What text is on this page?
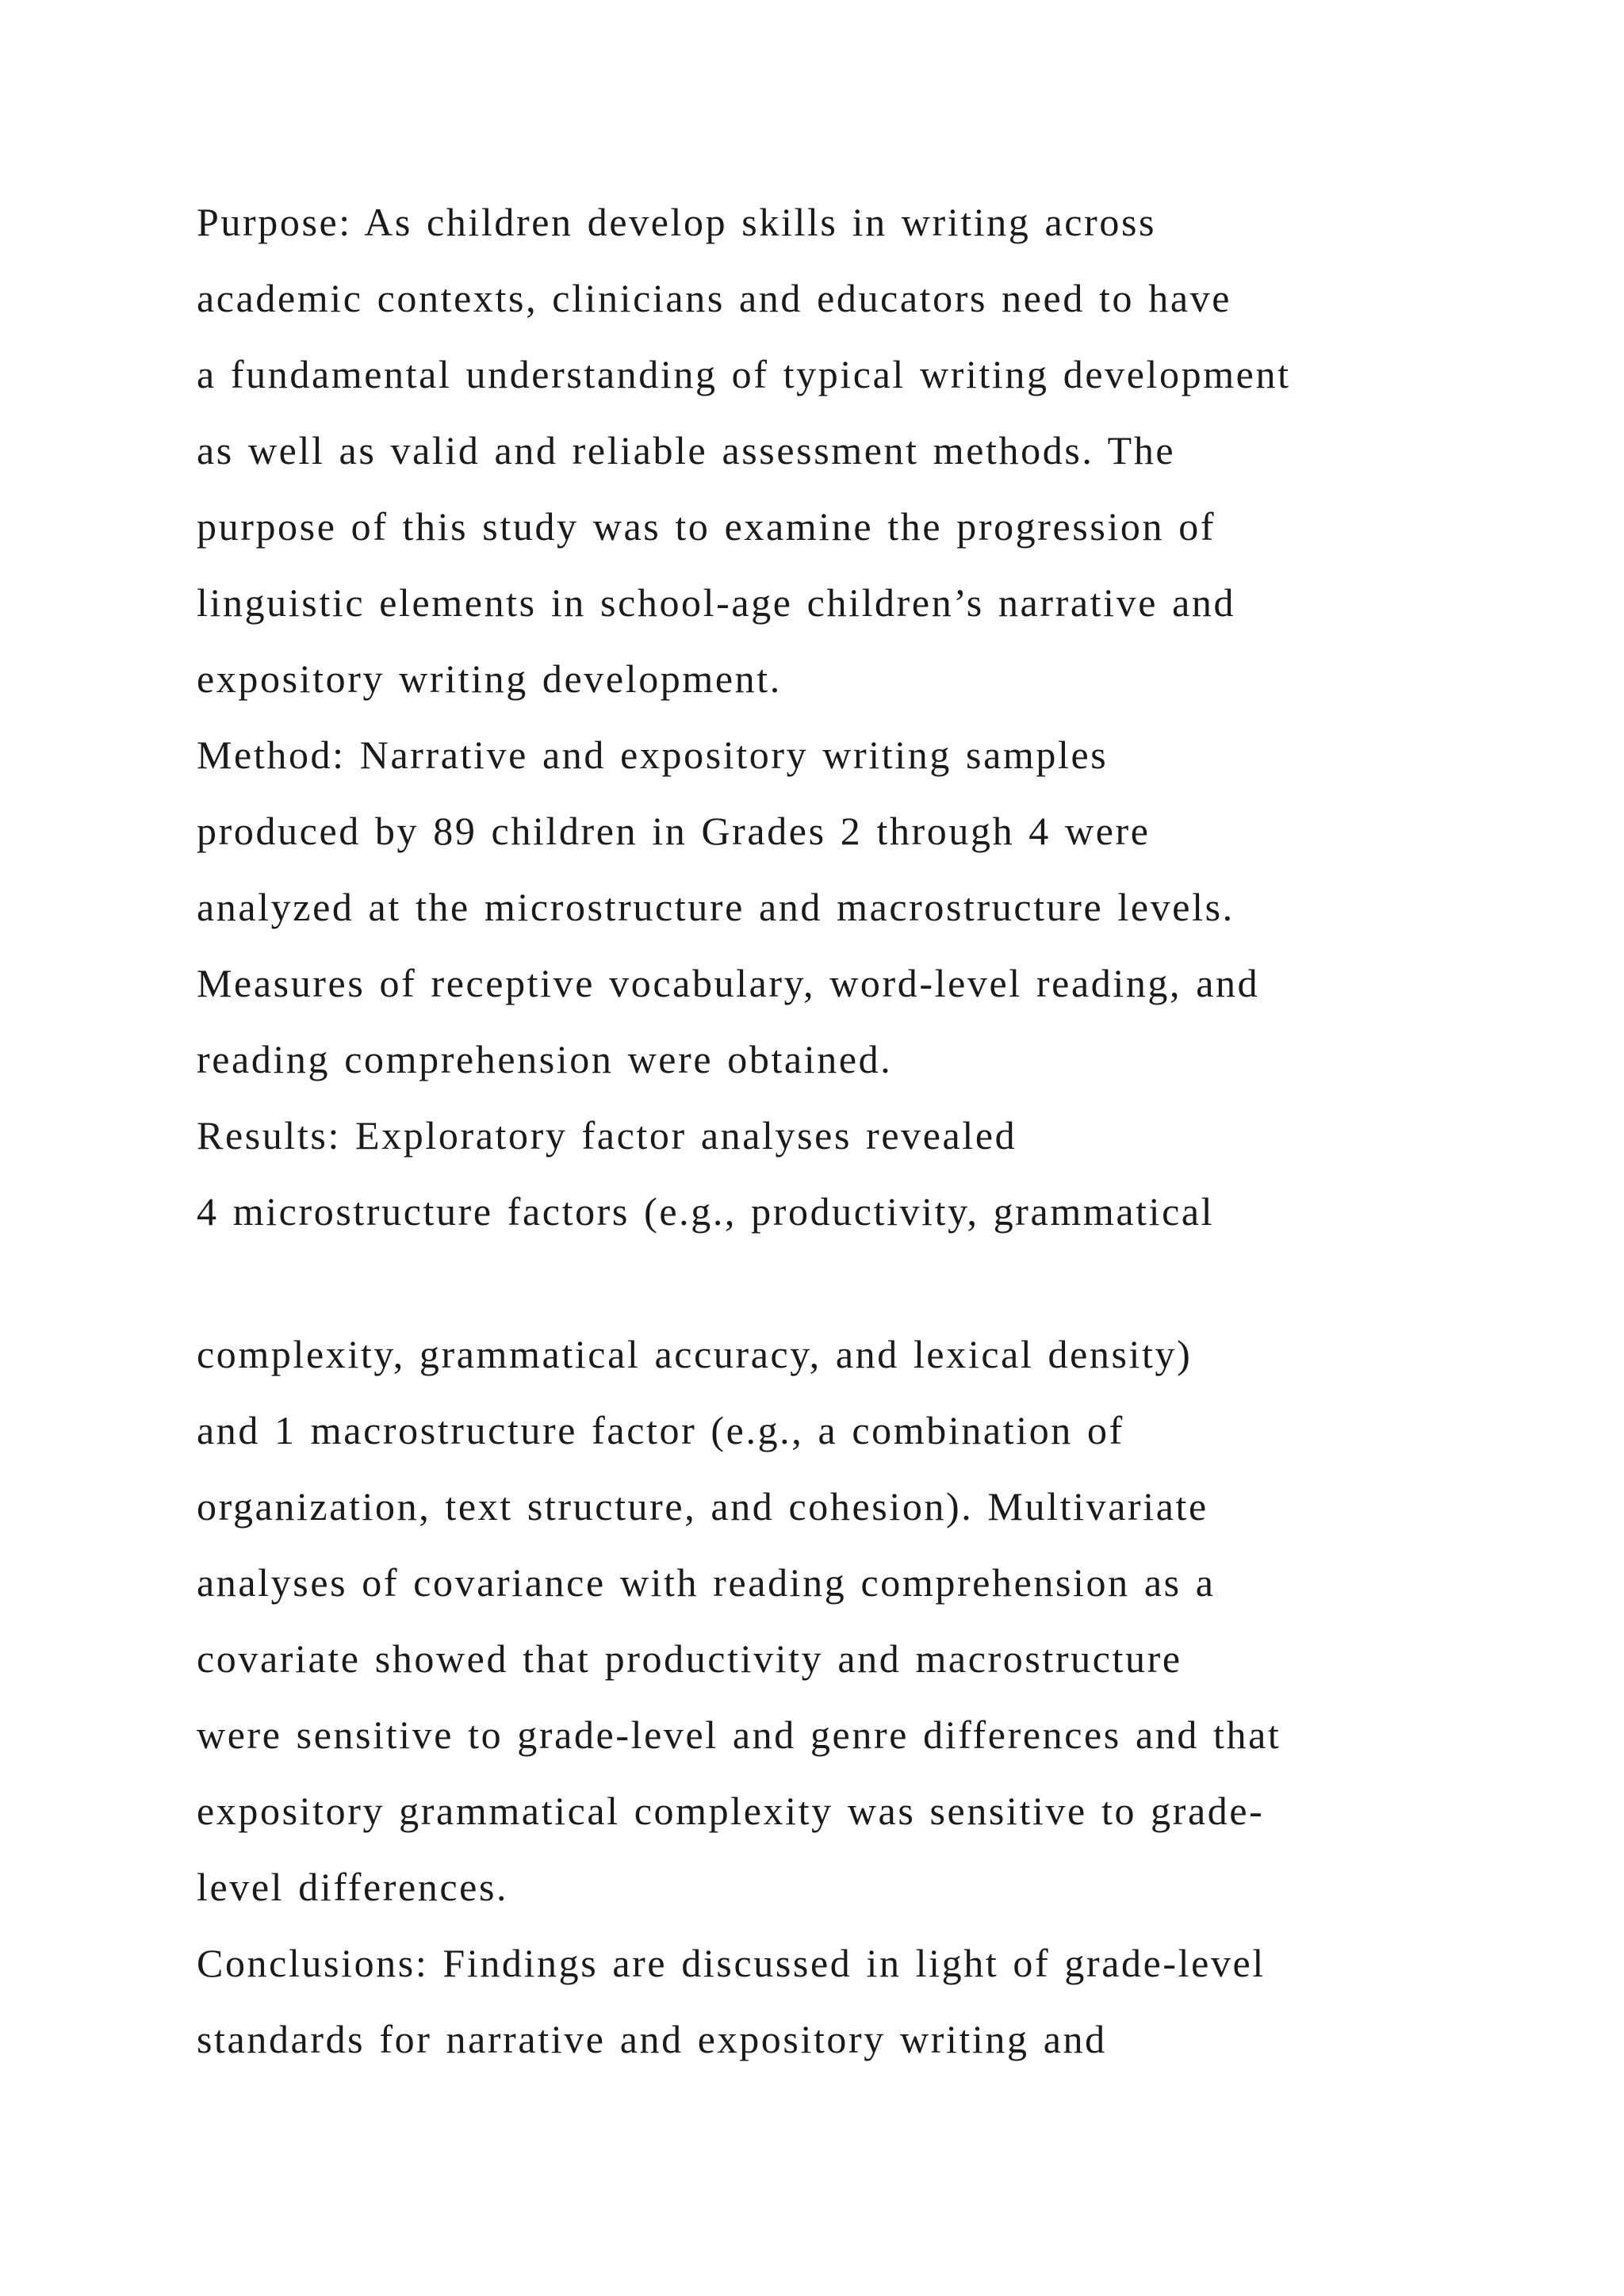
Purpose: As children develop skills in writing across
academic contexts, clinicians and educators need to have
a fundamental understanding of typical writing development
as well as valid and reliable assessment methods. The
purpose of this study was to examine the progression of
linguistic elements in school-age children’s narrative and
expository writing development.
Method: Narrative and expository writing samples
produced by 89 children in Grades 2 through 4 were
analyzed at the microstructure and macrostructure levels.
Measures of receptive vocabulary, word-level reading, and
reading comprehension were obtained.
Results: Exploratory factor analyses revealed
4 microstructure factors (e.g., productivity, grammatical
complexity, grammatical accuracy, and lexical density)
and 1 macrostructure factor (e.g., a combination of
organization, text structure, and cohesion). Multivariate
analyses of covariance with reading comprehension as a
covariate showed that productivity and macrostructure
were sensitive to grade-level and genre differences and that
expository grammatical complexity was sensitive to grade-
level differences.
Conclusions: Findings are discussed in light of grade-level
standards for narrative and expository writing and
